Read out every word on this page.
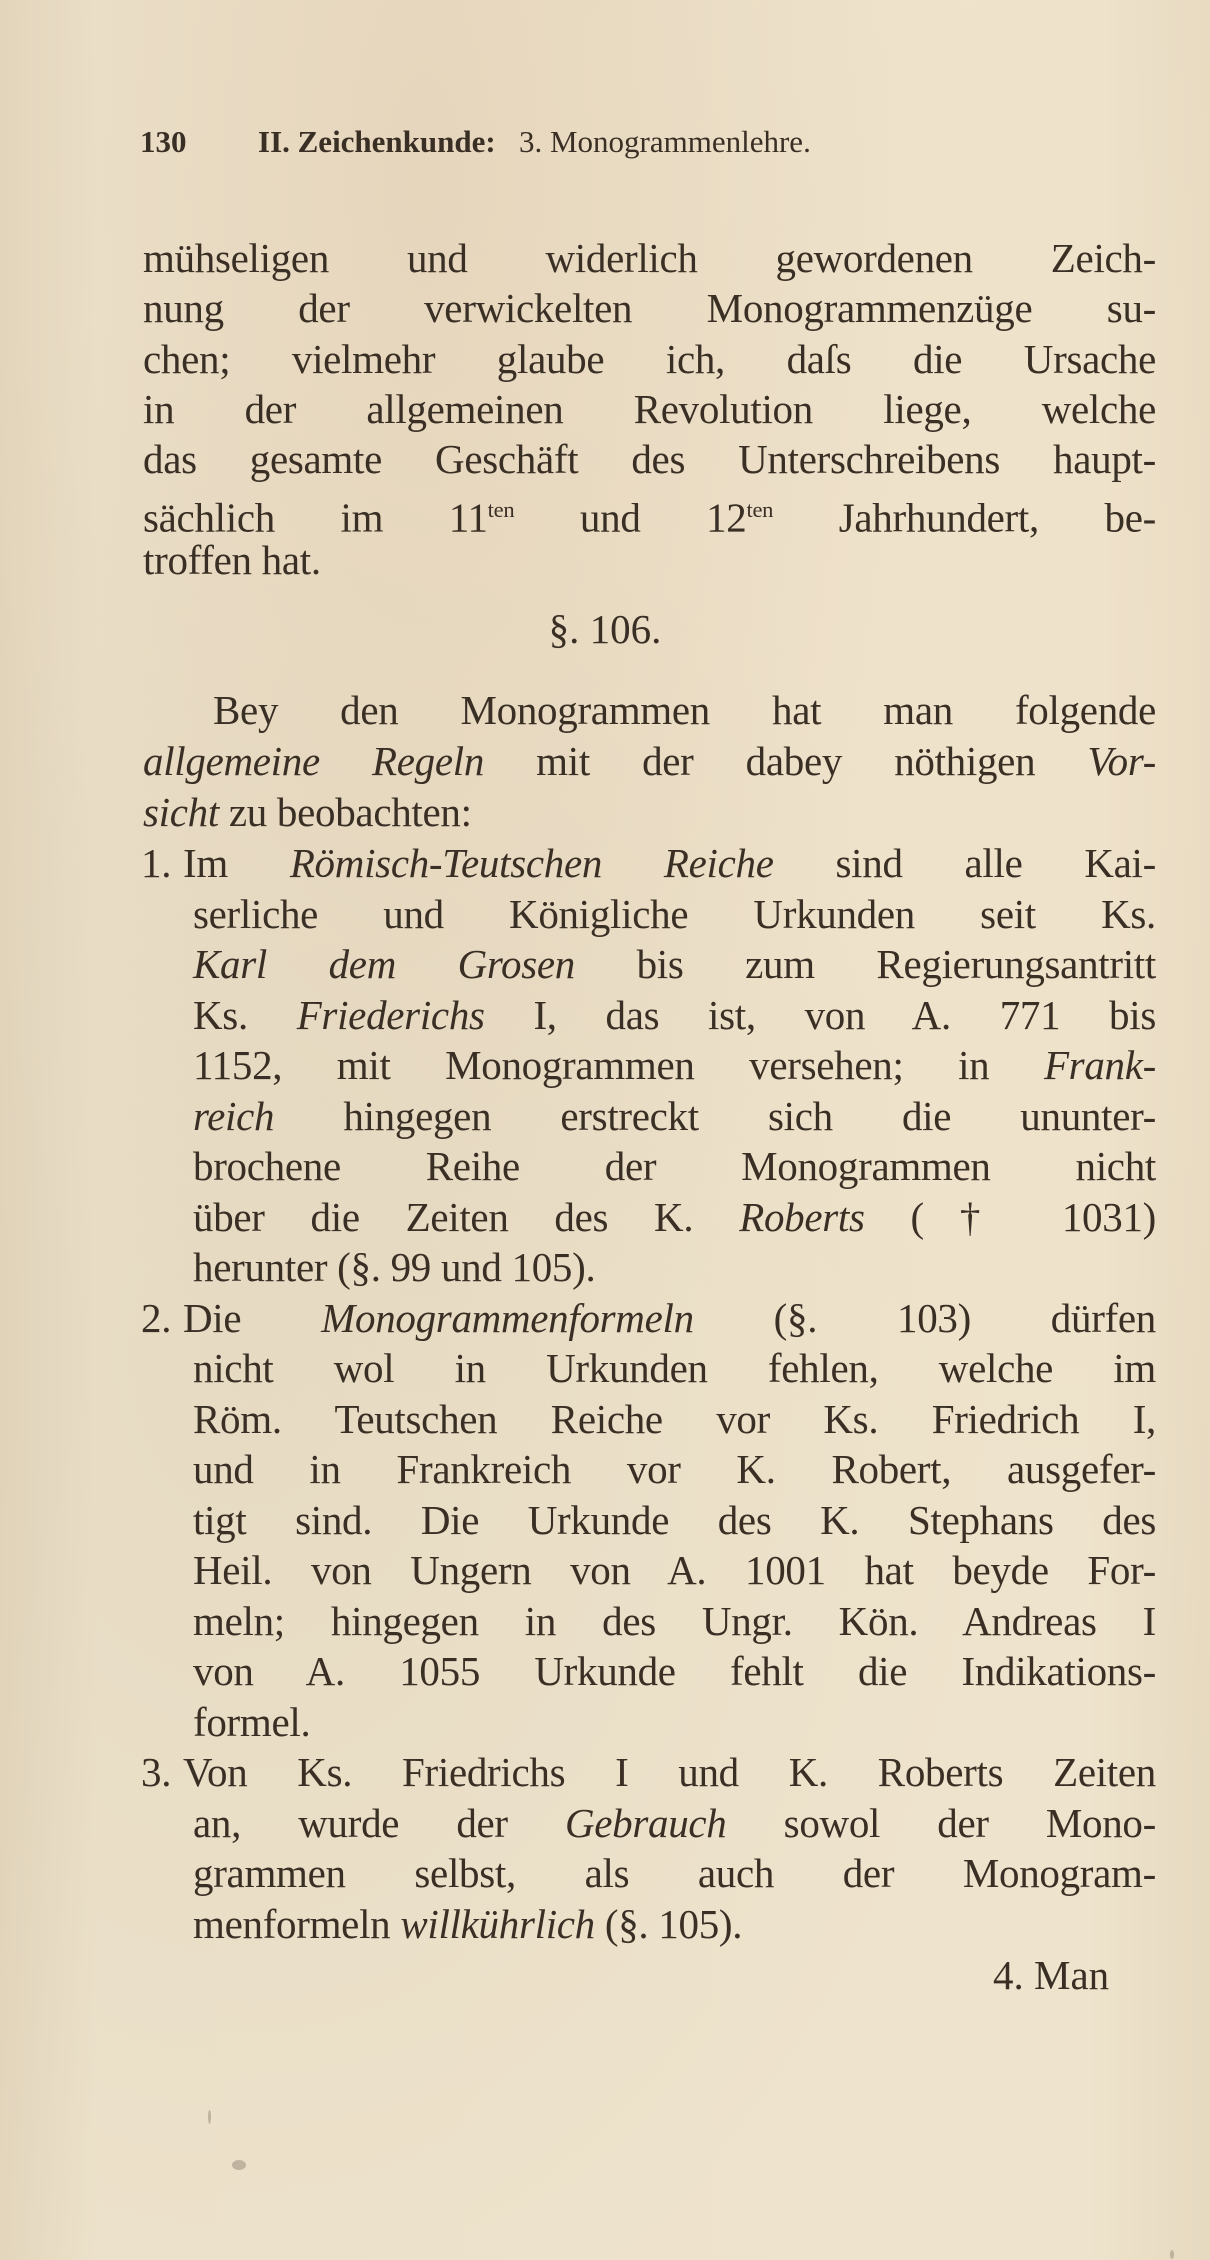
130 II. Zeichenkunde: 3. Monogrammenlehre.
mühseligen und widerlich gewordenen Zeich-
nung der verwickelten Monogrammenzüge su-
chen; vielmehr glaube ich, daſs die Ursache
in der allgemeinen Revolution liege, welche
das gesamte Geschäft des Unterschreibens haupt-
sächlich im $11^{ten}$ und $12^{ten}$ Jahrhundert, be-
troffen hat.
Bey den Monogrammen hat man folgende
allgemeine Regeln mit der dabey nöthigen Vor-
sicht zu beobachten:
1. Im Römisch-Teutschen Reiche sind alle Kai-
serliche und Königliche Urkunden seit Ks.
Karl dem Grosen bis zum Regierungsantritt
Ks. Friederichs I, das ist, von A. 771 bis
1152, mit Monogrammen versehen; in Frank-
reich hingegen erstreckt sich die ununter-
brochene Reihe der Monogrammen nicht
über die Zeiten des K. Roberts († 1031)
herunter (§. 99 und 105).
2. Die Monogrammenformeln (§. 103) dürfen
nicht wol in Urkunden fehlen, welche im
Röm. Teutschen Reiche vor Ks. Friedrich I,
und in Frankreich vor K. Robert, ausgefer-
tigt sind. Die Urkunde des K. Stephans des
Heil. von Ungern von A. 1001 hat beyde For-
meln; hingegen in des Ungr. Kön. Andreas I
von A. 1055 Urkunde fehlt die Indikations-
formel.
3. Von Ks. Friedrichs I und K. Roberts Zeiten
an, wurde der Gebrauch sowol der Mono-
grammen selbst, als auch der Monogram-
menformeln willkührlich (§. 105).
§. 106.
4. Man
